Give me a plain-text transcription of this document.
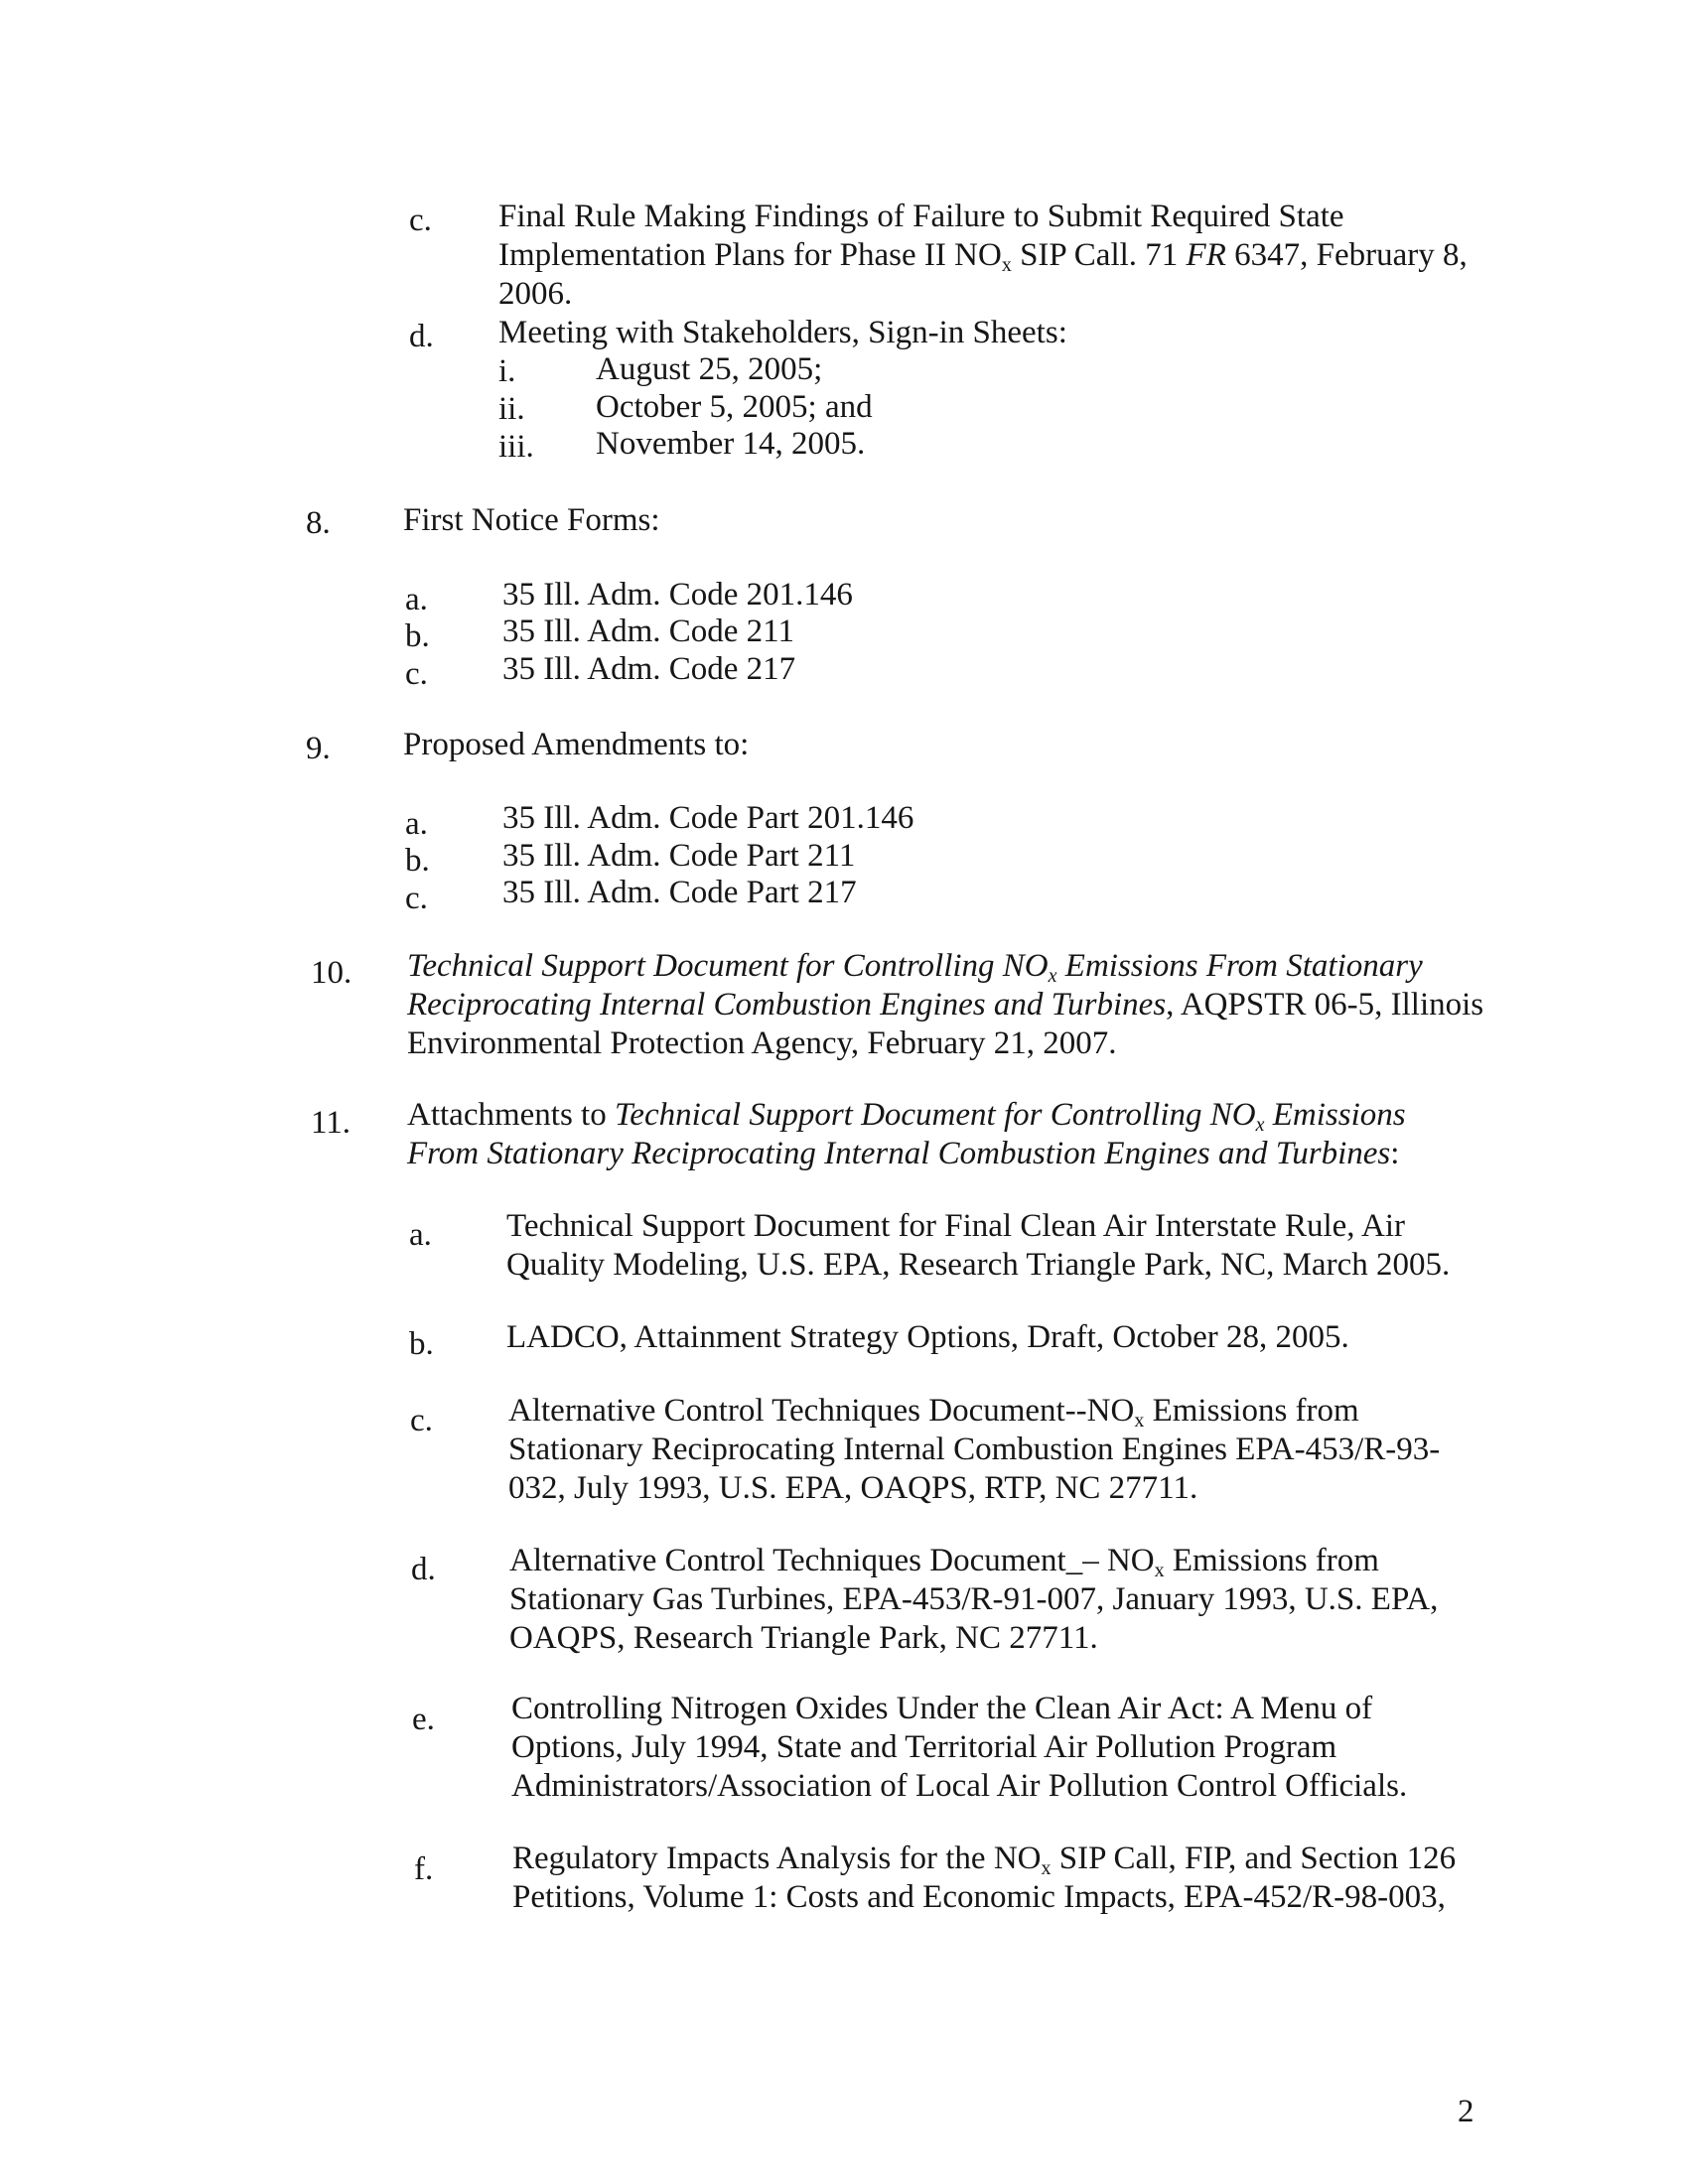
c. Final Rule Making Findings of Failure to Submit Required State
Implementation Plans for Phase II $NO_x$ SIP Call. 71 FR 6347, February 8,
2006.
d. Meeting with Stakeholders, Sign-in Sheets:
i. August 25, 2005;
ii. October 5, 2005; and
iii. November 14, 2005.
8. First Notice Forms:
a. 35 Ill. Adm. Code 201.146
b. 35 Ill. Adm. Code 211
c. 35 Ill. Adm. Code 217
9. Proposed Amendments to:
a. 35 Ill. Adm. Code Part 201.146
b. 35 Ill. Adm. Code Part 211
c. 35 Ill. Adm. Code Part 217
10. Technical Support Document for Controlling $NO_x$ Emissions From Stationary
Reciprocating Internal Combustion Engines and Turbines, AQPSTR 06-5, Illinois
Environmental Protection Agency, February 21, 2007.
11. Attachments to Technical Support Document for Controlling $NO_x$ Emissions
From Stationary Reciprocating Internal Combustion Engines and Turbines:
a. Technical Support Document for Final Clean Air Interstate Rule, Air
Quality Modeling, U.S. EPA, Research Triangle Park, NC, March 2005.
b. LADCO, Attainment Strategy Options, Draft, October 28, 2005.
c. Alternative Control Techniques Document-$-NO_x$ Emissions from
Stationary Reciprocating Internal Combustion Engines EPA-453/R-93-
032, July 1993, U.S. EPA, OAQPS, RTP, NC 27711.
d. Alternative Control Techniques Document_– $NO_x$ Emissions from
Stationary Gas Turbines, EPA-453/R-91-007, January 1993, U.S. EPA,
OAQPS, Research Triangle Park, NC 27711.
e. Controlling Nitrogen Oxides Under the Clean Air Act: A Menu of
Options, July 1994, State and Territorial Air Pollution Program
Administrators/Association of Local Air Pollution Control Officials.
f. Regulatory Impacts Analysis for the $NO_x$ SIP Call, FIP, and Section 126
Petitions, Volume 1: Costs and Economic Impacts, EPA-452/R-98-003,
2
